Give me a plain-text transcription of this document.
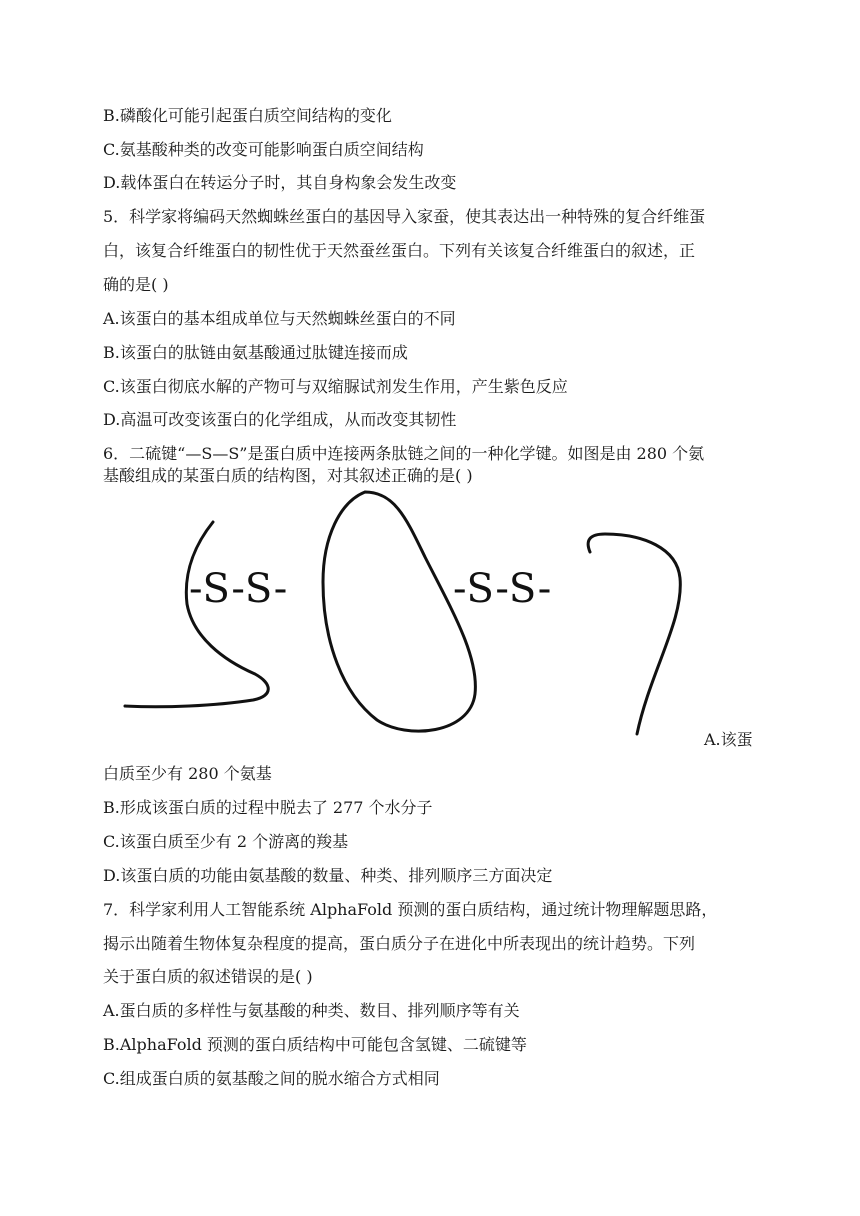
B.磷酸化可能引起蛋白质空间结构的变化

C.氨基酸种类的改变可能影响蛋白质空间结构

D.载体蛋白在转运分子时，其自身构象会发生改变

5．科学家将编码天然蜘蛛丝蛋白的基因导入家蚕，使其表达出一种特殊的复合纤维蛋

白，该复合纤维蛋白的韧性优于天然蚕丝蛋白。下列有关该复合纤维蛋白的叙述，正

确的是( )

A.该蛋白的基本组成单位与天然蜘蛛丝蛋白的不同

B.该蛋白的肽链由氨基酸通过肽键连接而成

C.该蛋白彻底水解的产物可与双缩脲试剂发生作用，产生紫色反应

D.高温可改变该蛋白的化学组成，从而改变其韧性

6．二硫键“—S—S”是蛋白质中连接两条肽链之间的一种化学键。如图是由 280 个氨

基酸组成的某蛋白质的结构图，对其叙述正确的是( )

-S-S-	-S-S-
A.该蛋

白质至少有 280 个氨基

B.形成该蛋白质的过程中脱去了 277 个水分子

C.该蛋白质至少有 2 个游离的羧基

D.该蛋白质的功能由氨基酸的数量、种类、排列顺序三方面决定

7．科学家利用人工智能系统 AlphaFold 预测的蛋白质结构，通过统计物理解题思路，

揭示出随着生物体复杂程度的提高，蛋白质分子在进化中所表现出的统计趋势。下列

关于蛋白质的叙述错误的是( )

A.蛋白质的多样性与氨基酸的种类、数目、排列顺序等有关

B.AlphaFold 预测的蛋白质结构中可能包含氢键、二硫键等

C.组成蛋白质的氨基酸之间的脱水缩合方式相同
